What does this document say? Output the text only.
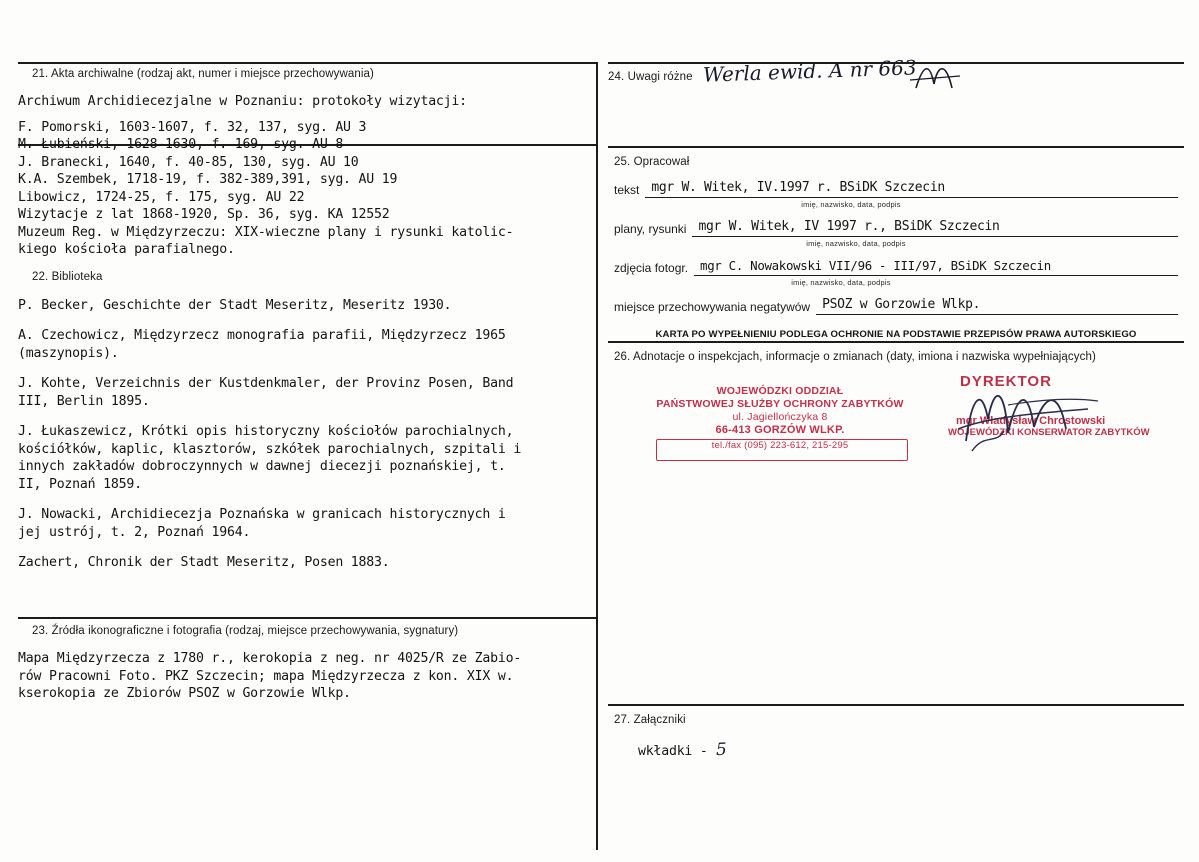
21. Akta archiwalne (rodzaj akt, numer i miejsce przechowywania)

Archiwum Archidiecezjalne w Poznaniu: protokoły wizytacji:

F. Pomorski, 1603-1607, f. 32, 137, syg. AU 3

M. Łubieński, 1628-1630, f. 169, syg. AU 8

J. Branecki, 1640, f. 40-85, 130, syg. AU 10

K.A. Szembek, 1718-19, f. 382-389,391, syg. AU 19

Libowicz, 1724-25, f. 175, syg. AU 22

Wizytacje z lat 1868-1920, Sp. 36, syg. KA 12552

Muzeum Reg. w Międzyrzeczu: XIX-wieczne plany i rysunki katolic-

kiego kościoła parafialnego.

22. Biblioteka

P. Becker, Geschichte der Stadt Meseritz, Meseritz 1930.

A. Czechowicz, Międzyrzecz monografia parafii, Międzyrzecz 1965

(maszynopis).

J. Kohte, Verzeichnis der Kustdenkmaler, der Provinz Posen, Band

III, Berlin 1895.

J. Łukaszewicz, Krótki opis historyczny kościołów parochialnych,

kościółków, kaplic, klasztorów, szkółek parochialnych, szpitali i

innych zakładów dobroczynnych w dawnej diecezji poznańskiej, t.

II, Poznań 1859.

J. Nowacki, Archidiecezja Poznańska w granicach historycznych i

jej ustrój, t. 2, Poznań 1964.

Zachert, Chronik der Stadt Meseritz, Posen 1883.

23. Źródła ikonograficzne i fotografia (rodzaj, miejsce przechowywania, sygnatury)

Mapa Międzyrzecza z 1780 r., kerokopia z neg. nr 4025/R ze Zabio-

rów Pracowni Foto. PKZ Szczecin; mapa Międzyrzecza z kon. XIX w.

kserokopia ze Zbiorów PSOZ w Gorzowie Wlkp.

24. Uwagi różne Werla ewid. A nr 663
25. Opracował
tekst mgr W. Witek, IV.1997 r. BSiDK Szczecin
imię, nazwisko, data, podpis
plany, rysunki mgr W. Witek, IV 1997 r., BSiDK Szczecin
imię, nazwisko, data, podpis
zdjęcia fotogr. mgr C. Nowakowski VII/96 - III/97, BSiDK Szczecin
imię, nazwisko, data, podpis
miejsce przechowywania negatywów PSOZ w Gorzowie Wlkp.
KARTA PO WYPEŁNIENIU PODLEGA OCHRONIE NA PODSTAWIE PRZEPISÓW PRAWA AUTORSKIEGO
26. Adnotacje o inspekcjach, informacje o zmianach (daty, imiona i nazwiska wypełniających)
WOJEWÓDZKI ODDZIAŁ
PAŃSTWOWEJ SŁUŻBY OCHRONY ZABYTKÓW
ul. Jagiellończyka 8
66-413 GORZÓW WLKP.
tel./fax (095) 223-612, 215-295
DYREKTOR
mgr Władysław Chrostowski
WOJEWÓDZKI KONSERWATOR ZABYTKÓW
27. Załączniki
wkładki - 5
